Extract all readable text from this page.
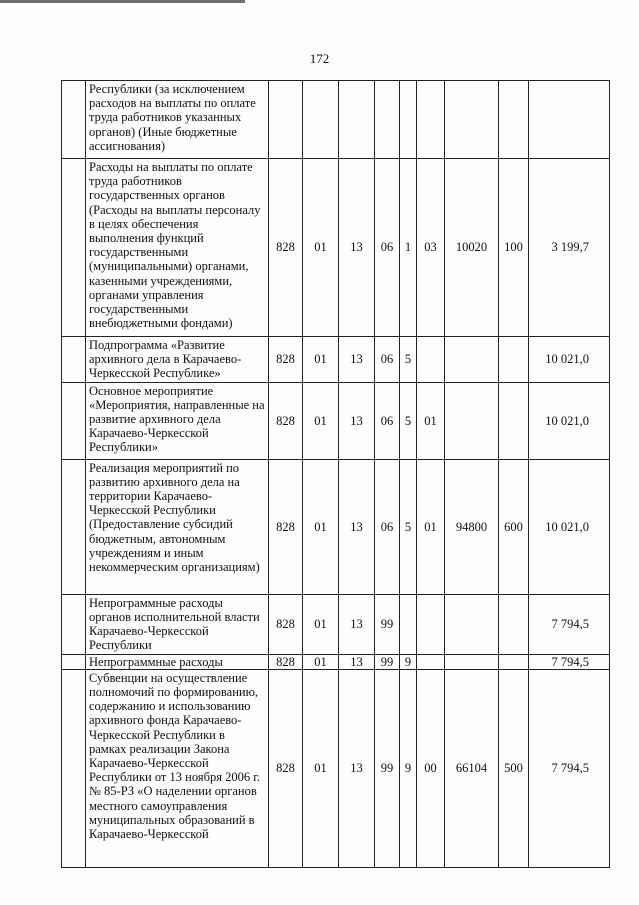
172
	Республики (за исключением расходов на выплаты по оплате труда работников указанных органов) (Иные бюджетные ассигнования)									
	Расходы на выплаты по оплате труда работников государственных органов (Расходы на выплаты персоналу в целях обеспечения выполнения функций государственными (муниципальными) органами, казенными учреждениями, органами управления государственными внебюджетными фондами)	828	01	13	06	1	03	10020	100	3 199,7
	Подпрограмма «Развитие архивного дела в Карачаево-Черкесской Республике»	828	01	13	06	5				10 021,0
	Основное мероприятие «Мероприятия, направленные на развитие архивного дела Карачаево-Черкесской Республики»	828	01	13	06	5	01			10 021,0
	Реализация мероприятий по развитию архивного дела на территории Карачаево-Черкесской Республики (Предоставление субсидий бюджетным, автономным учреждениям и иным некоммерческим организациям)	828	01	13	06	5	01	94800	600	10 021,0
	Непрограммные расходы органов исполнительной власти Карачаево-Черкесской Республики	828	01	13	99					7 794,5
	Непрограммные расходы	828	01	13	99	9				7 794,5
	Субвенции на осуществление полномочий по формированию, содержанию и использованию архивного фонда Карачаево-Черкесской Республики в рамках реализации Закона Карачаево-Черкесской Республики от 13 ноября 2006 г. № 85-РЗ «О наделении органов местного самоуправления муниципальных образований в Карачаево-Черкесской	828	01	13	99	9	00	66104	500	7 794,5
